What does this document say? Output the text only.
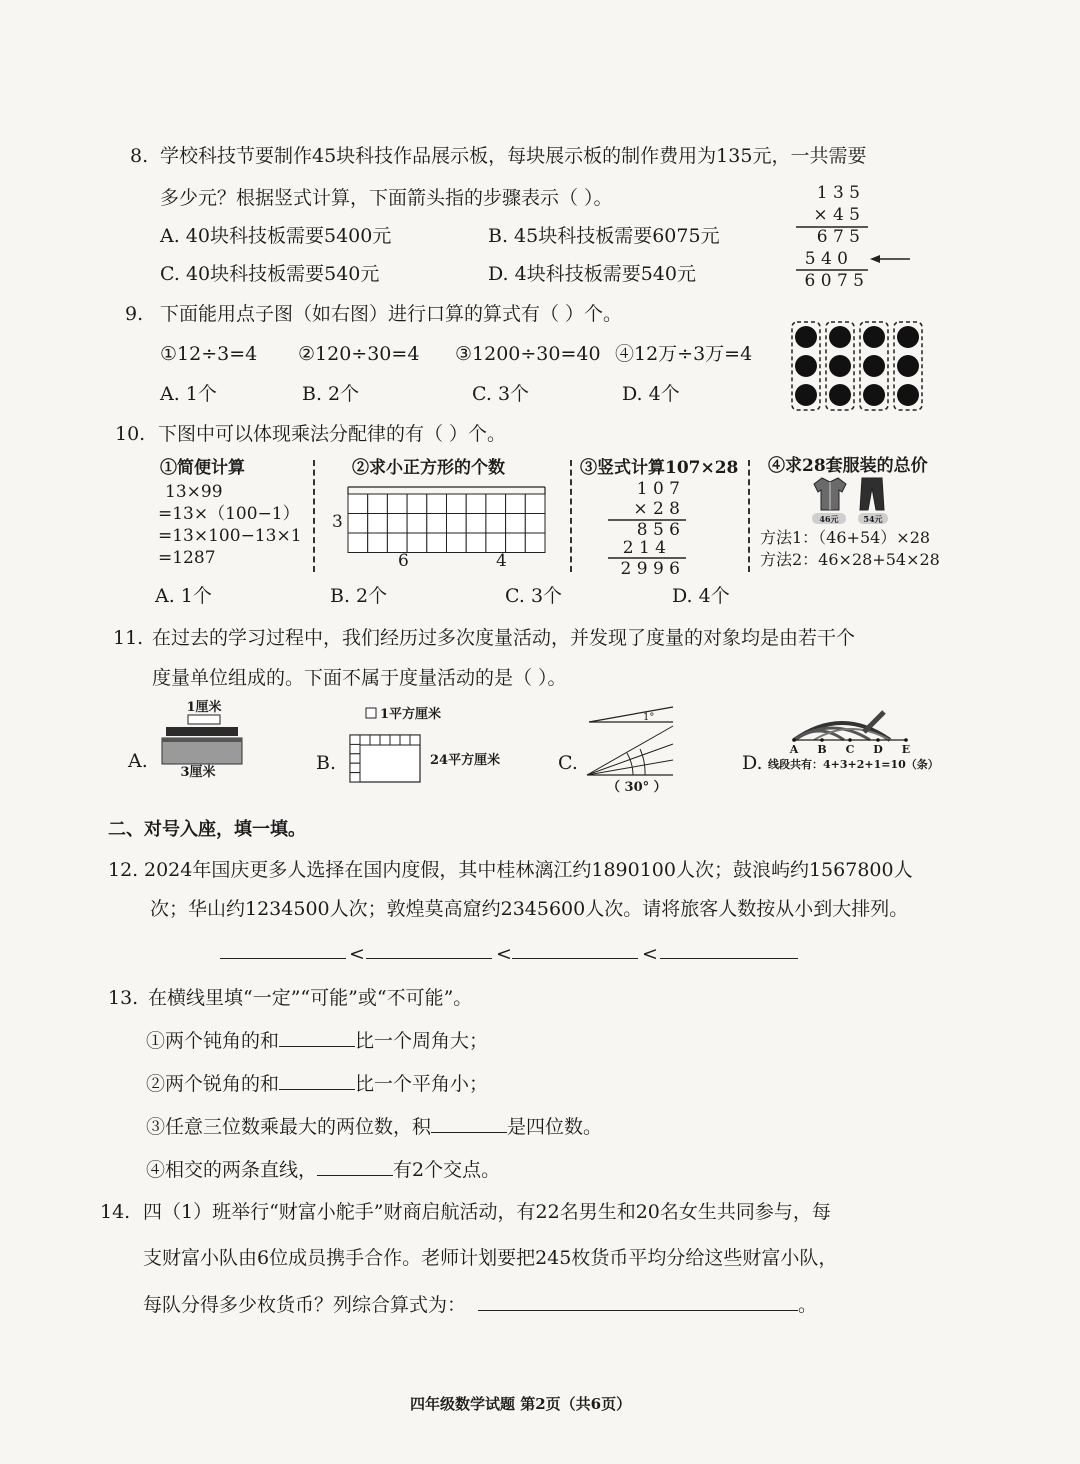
8. 学校科技节要制作45块科技作品展示板，每块展示板的制作费用为135元，一共需要
多少元？根据竖式计算，下面箭头指的步骤表示（ ）。
A. 40块科技板需要5400元	B. 45块科技板需要6075元
C. 40块科技板需要540元	D. 4块科技板需要540元
1 3 5
× 4 5
6 7 5
5 4 0
6 0 7 5
9. 下面能用点子图（如右图）进行口算的算式有（ ）个。
①12÷3=4 ②120÷30=4 ③1200÷30=40 ④12万÷3万=4
A. 1个	B. 2个	C. 3个	D. 4个
10. 下图中可以体现乘法分配律的有（ ）个。
①简便计算
13×99
=13×（100−1）
=13×100−13×1
=1287
②求小正方形的个数
3
6	4
③竖式计算107×28
1 0 7
× 2 8
8 5 6
2 1 4
2 9 9 6
④求28套服装的总价
46元	54元
方法1：（46+54）×28
方法2：46×28+54×28
A. 1个	B. 2个	C. 3个	D. 4个
11. 在过去的学习过程中，我们经历过多次度量活动，并发现了度量的对象均是由若干个
度量单位组成的。下面不属于度量活动的是（ ）。
A.
1厘米
3厘米	B.
1平方厘米
24平方厘米	C.
1°
（ 30° ）
D.
A B C D E
线段共有：4+3+2+1=10（条）
二、对号入座，填一填。
12. 2024年国庆更多人选择在国内度假，其中桂林漓江约1890100人次；鼓浪屿约1567800人
次；华山约1234500人次；敦煌莫高窟约2345600人次。请将旅客人数按从小到大排列。
<	<	<
13. 在横线里填“一定”“可能”或“不可能”。
①两个钝角的和	比一个周角大；
②两个锐角的和	比一个平角小；
③任意三位数乘最大的两位数，积	是四位数。
④相交的两条直线，	有2个交点。
14. 四（1）班举行“财富小舵手”财商启航活动，有22名男生和20名女生共同参与，每
支财富小队由6位成员携手合作。老师计划要把245枚货币平均分给这些财富小队，
每队分得多少枚货币？列综合算式为：	。
四年级数学试题 第2页（共6页）
